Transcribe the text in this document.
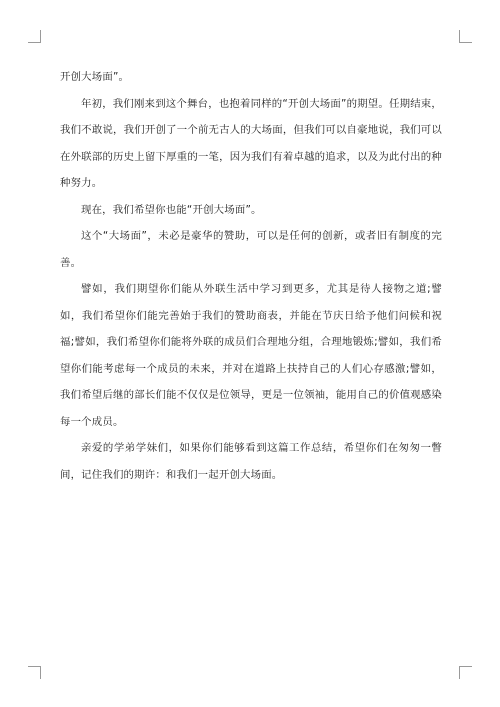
开创大场面”。

年初，我们刚来到这个舞台，也抱着同样的“开创大场面”的期望。任期结束，我们不敢说，我们开创了一个前无古人的大场面，但我们可以自豪地说，我们可以在外联部的历史上留下厚重的一笔，因为我们有着卓越的追求，以及为此付出的种种努力。

现在，我们希望你也能“开创大场面”。

这个“大场面”，未必是豪华的赞助，可以是任何的创新，或者旧有制度的完善。

譬如，我们期望你们能从外联生活中学习到更多，尤其是待人接物之道;譬如，我们希望你们能完善始于我们的赞助商表，并能在节庆日给予他们问候和祝福;譬如，我们希望你们能将外联的成员们合理地分组，合理地锻炼;譬如，我们希望你们能考虑每一个成员的未来，并对在道路上扶持自己的人们心存感激;譬如，我们希望后继的部长们能不仅仅是位领导，更是一位领袖，能用自己的价值观感染每一个成员。

亲爱的学弟学妹们，如果你们能够看到这篇工作总结，希望你们在匆匆一瞥间，记住我们的期许：和我们一起开创大场面。
